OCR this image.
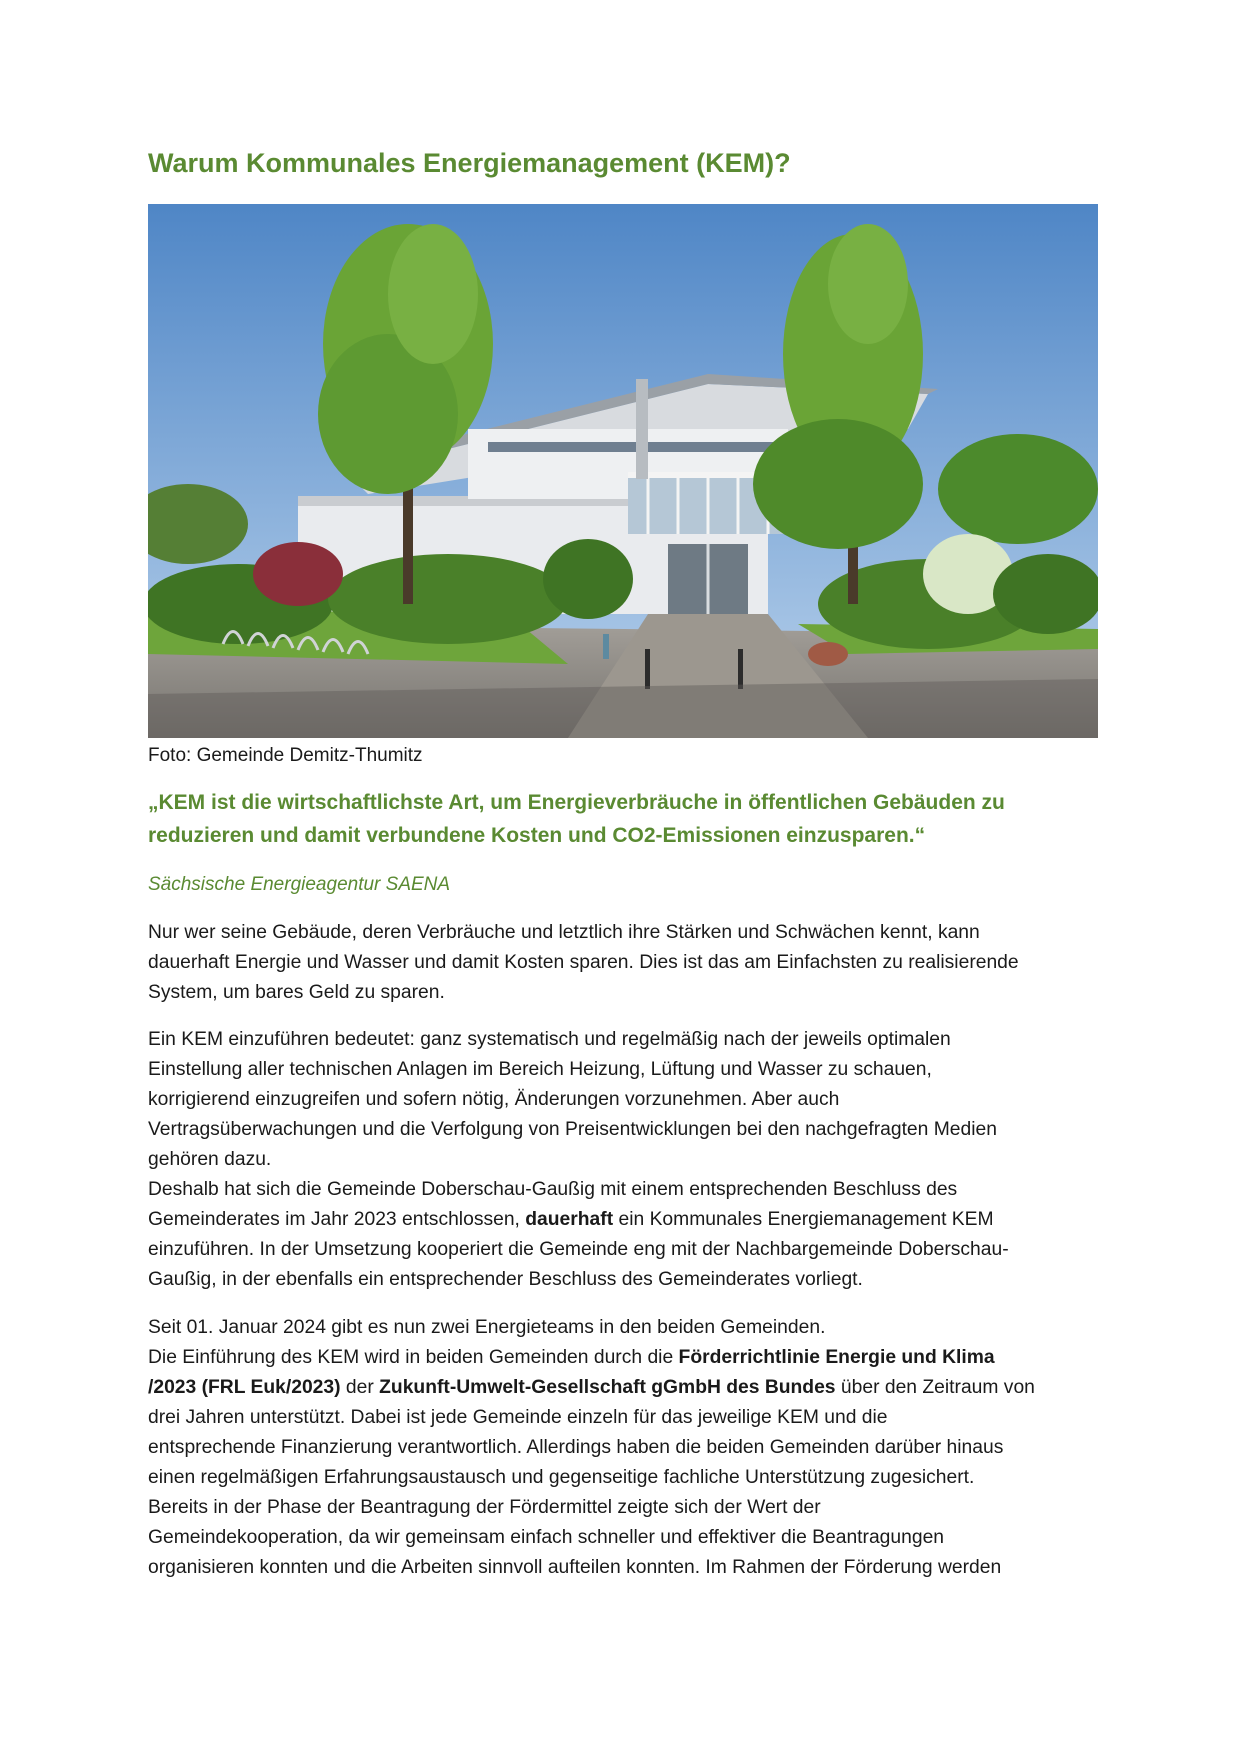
Warum Kommunales Energiemanagement (KEM)?
Foto: Gemeinde Demitz-Thumitz

„KEM ist die wirtschaftlichste Art, um Energieverbräuche in öffentlichen Gebäuden zu
reduzieren und damit verbundene Kosten und CO2-Emissionen einzusparen.“

Sächsische Energieagentur SAENA

Nur wer seine Gebäude, deren Verbräuche und letztlich ihre Stärken und Schwächen kennt, kann
dauerhaft Energie und Wasser und damit Kosten sparen. Dies ist das am Einfachsten zu realisierende
System, um bares Geld zu sparen.

Ein KEM einzuführen bedeutet: ganz systematisch und regelmäßig nach der jeweils optimalen
Einstellung aller technischen Anlagen im Bereich Heizung, Lüftung und Wasser zu schauen,
korrigierend einzugreifen und sofern nötig, Änderungen vorzunehmen. Aber auch
Vertragsüberwachungen und die Verfolgung von Preisentwicklungen bei den nachgefragten Medien
gehören dazu.
Deshalb hat sich die Gemeinde Doberschau-Gaußig mit einem entsprechenden Beschluss des
Gemeinderates im Jahr 2023 entschlossen, dauerhaft ein Kommunales Energiemanagement KEM
einzuführen. In der Umsetzung kooperiert die Gemeinde eng mit der Nachbargemeinde Doberschau-
Gaußig, in der ebenfalls ein entsprechender Beschluss des Gemeinderates vorliegt.

Seit 01. Januar 2024 gibt es nun zwei Energieteams in den beiden Gemeinden.
Die Einführung des KEM wird in beiden Gemeinden durch die Förderrichtlinie Energie und Klima
/2023 (FRL Euk/2023) der Zukunft-Umwelt-Gesellschaft gGmbH des Bundes über den Zeitraum von
drei Jahren unterstützt. Dabei ist jede Gemeinde einzeln für das jeweilige KEM und die
entsprechende Finanzierung verantwortlich. Allerdings haben die beiden Gemeinden darüber hinaus
einen regelmäßigen Erfahrungsaustausch und gegenseitige fachliche Unterstützung zugesichert.
Bereits in der Phase der Beantragung der Fördermittel zeigte sich der Wert der
Gemeindekooperation, da wir gemeinsam einfach schneller und effektiver die Beantragungen
organisieren konnten und die Arbeiten sinnvoll aufteilen konnten. Im Rahmen der Förderung werden
